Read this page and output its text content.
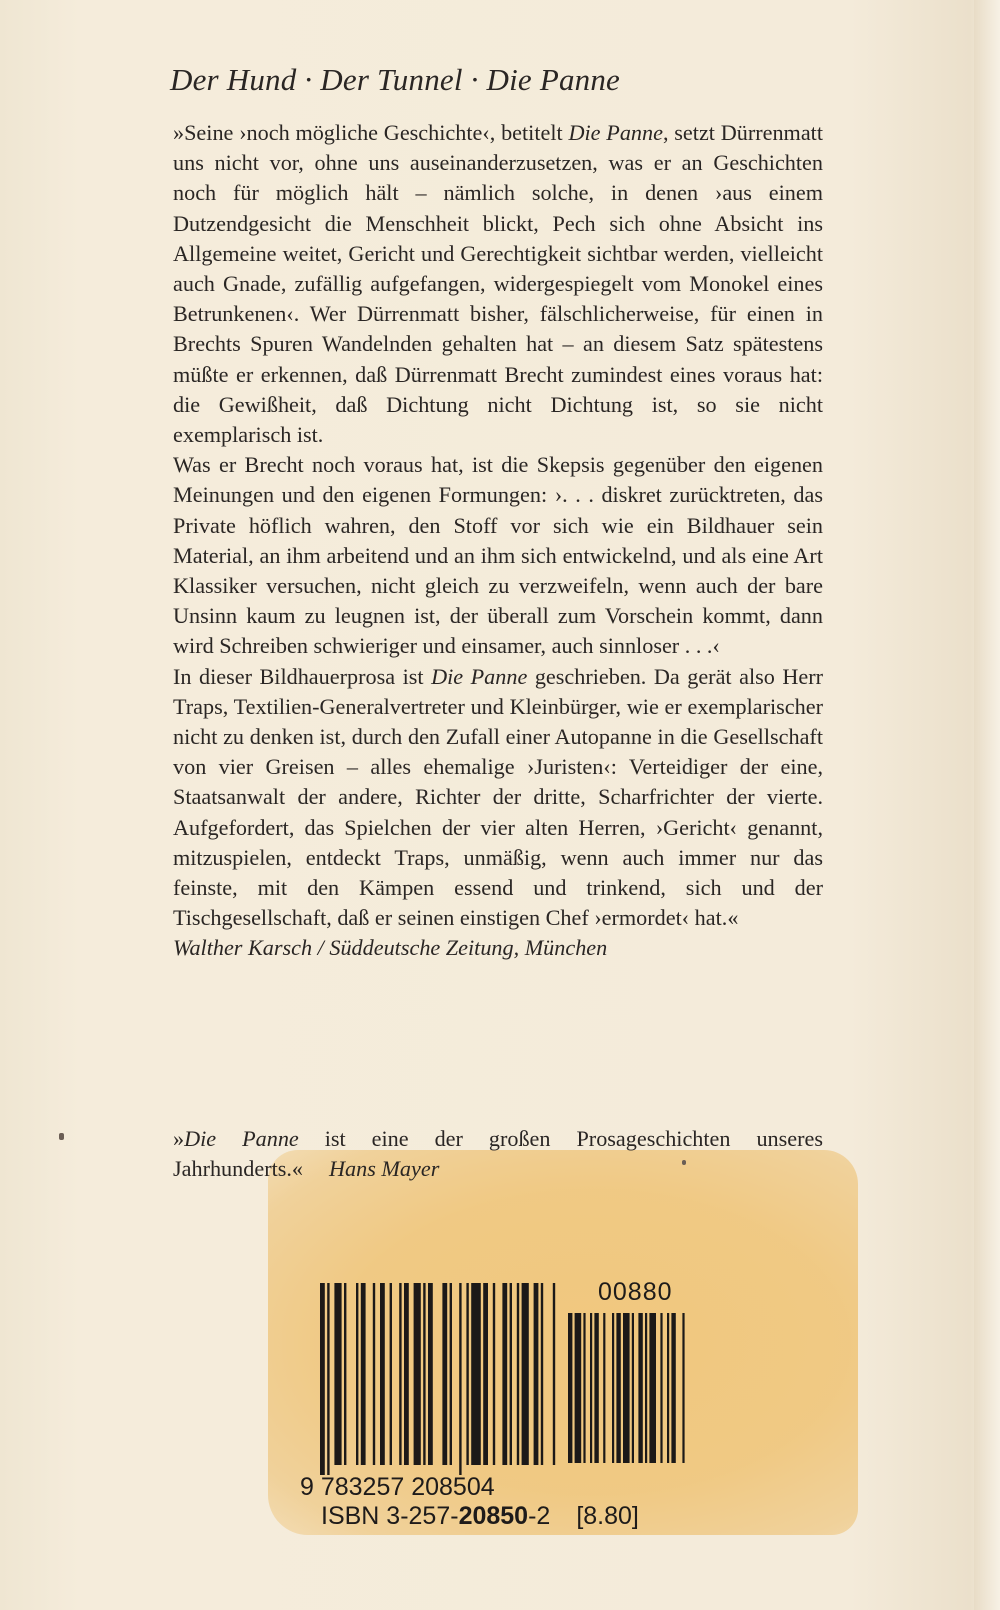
Der Hund · Der Tunnel · Die Panne

»Seine ›noch mögliche Geschichte‹, betitelt Die Panne, setzt Dürrenmatt uns nicht vor, ohne uns auseinanderzusetzen, was er an Geschichten noch für möglich hält – nämlich solche, in denen ›aus einem Dutzendgesicht die Menschheit blickt, Pech sich ohne Absicht ins Allgemeine weitet, Gericht und Gerechtigkeit sichtbar werden, vielleicht auch Gnade, zufällig aufgefangen, widergespiegelt vom Monokel eines Betrunkenen‹. Wer Dürrenmatt bisher, fälschlicherweise, für einen in Brechts Spuren Wandelnden gehalten hat – an diesem Satz spätestens müßte er erkennen, daß Dürrenmatt Brecht zumindest eines voraus hat: die Gewißheit, daß Dichtung nicht Dichtung ist, so sie nicht exemplarisch ist.

Was er Brecht noch voraus hat, ist die Skepsis gegenüber den eigenen Meinungen und den eigenen Formungen: ›. . . diskret zurücktreten, das Private höflich wahren, den Stoff vor sich wie ein Bildhauer sein Material, an ihm arbeitend und an ihm sich entwickelnd, und als eine Art Klassiker versuchen, nicht gleich zu verzweifeln, wenn auch der bare Unsinn kaum zu leugnen ist, der überall zum Vorschein kommt, dann wird Schreiben schwieriger und einsamer, auch sinnloser . . .‹

In dieser Bildhauerprosa ist Die Panne geschrieben. Da gerät also Herr Traps, Textilien-Generalvertreter und Kleinbürger, wie er exemplarischer nicht zu denken ist, durch den Zufall einer Autopanne in die Gesellschaft von vier Greisen – alles ehemalige ›Juristen‹: Verteidiger der eine, Staatsanwalt der andere, Richter der dritte, Scharfrichter der vierte. Aufgefordert, das Spielchen der vier alten Herren, ›Gericht‹ genannt, mitzuspielen, entdeckt Traps, unmäßig, wenn auch immer nur das feinste, mit den Kämpen essend und trinkend, sich und der Tischgesellschaft, daß er seinen einstigen Chef ›ermordet‹ hat.«

Walther Karsch / Süddeutsche Zeitung, München

»Die Panne ist eine der großen Prosageschichten unseres Jahrhunderts.« Hans Mayer
00880
9 783257 208504
ISBN 3-257-20850-2 [8.80]
